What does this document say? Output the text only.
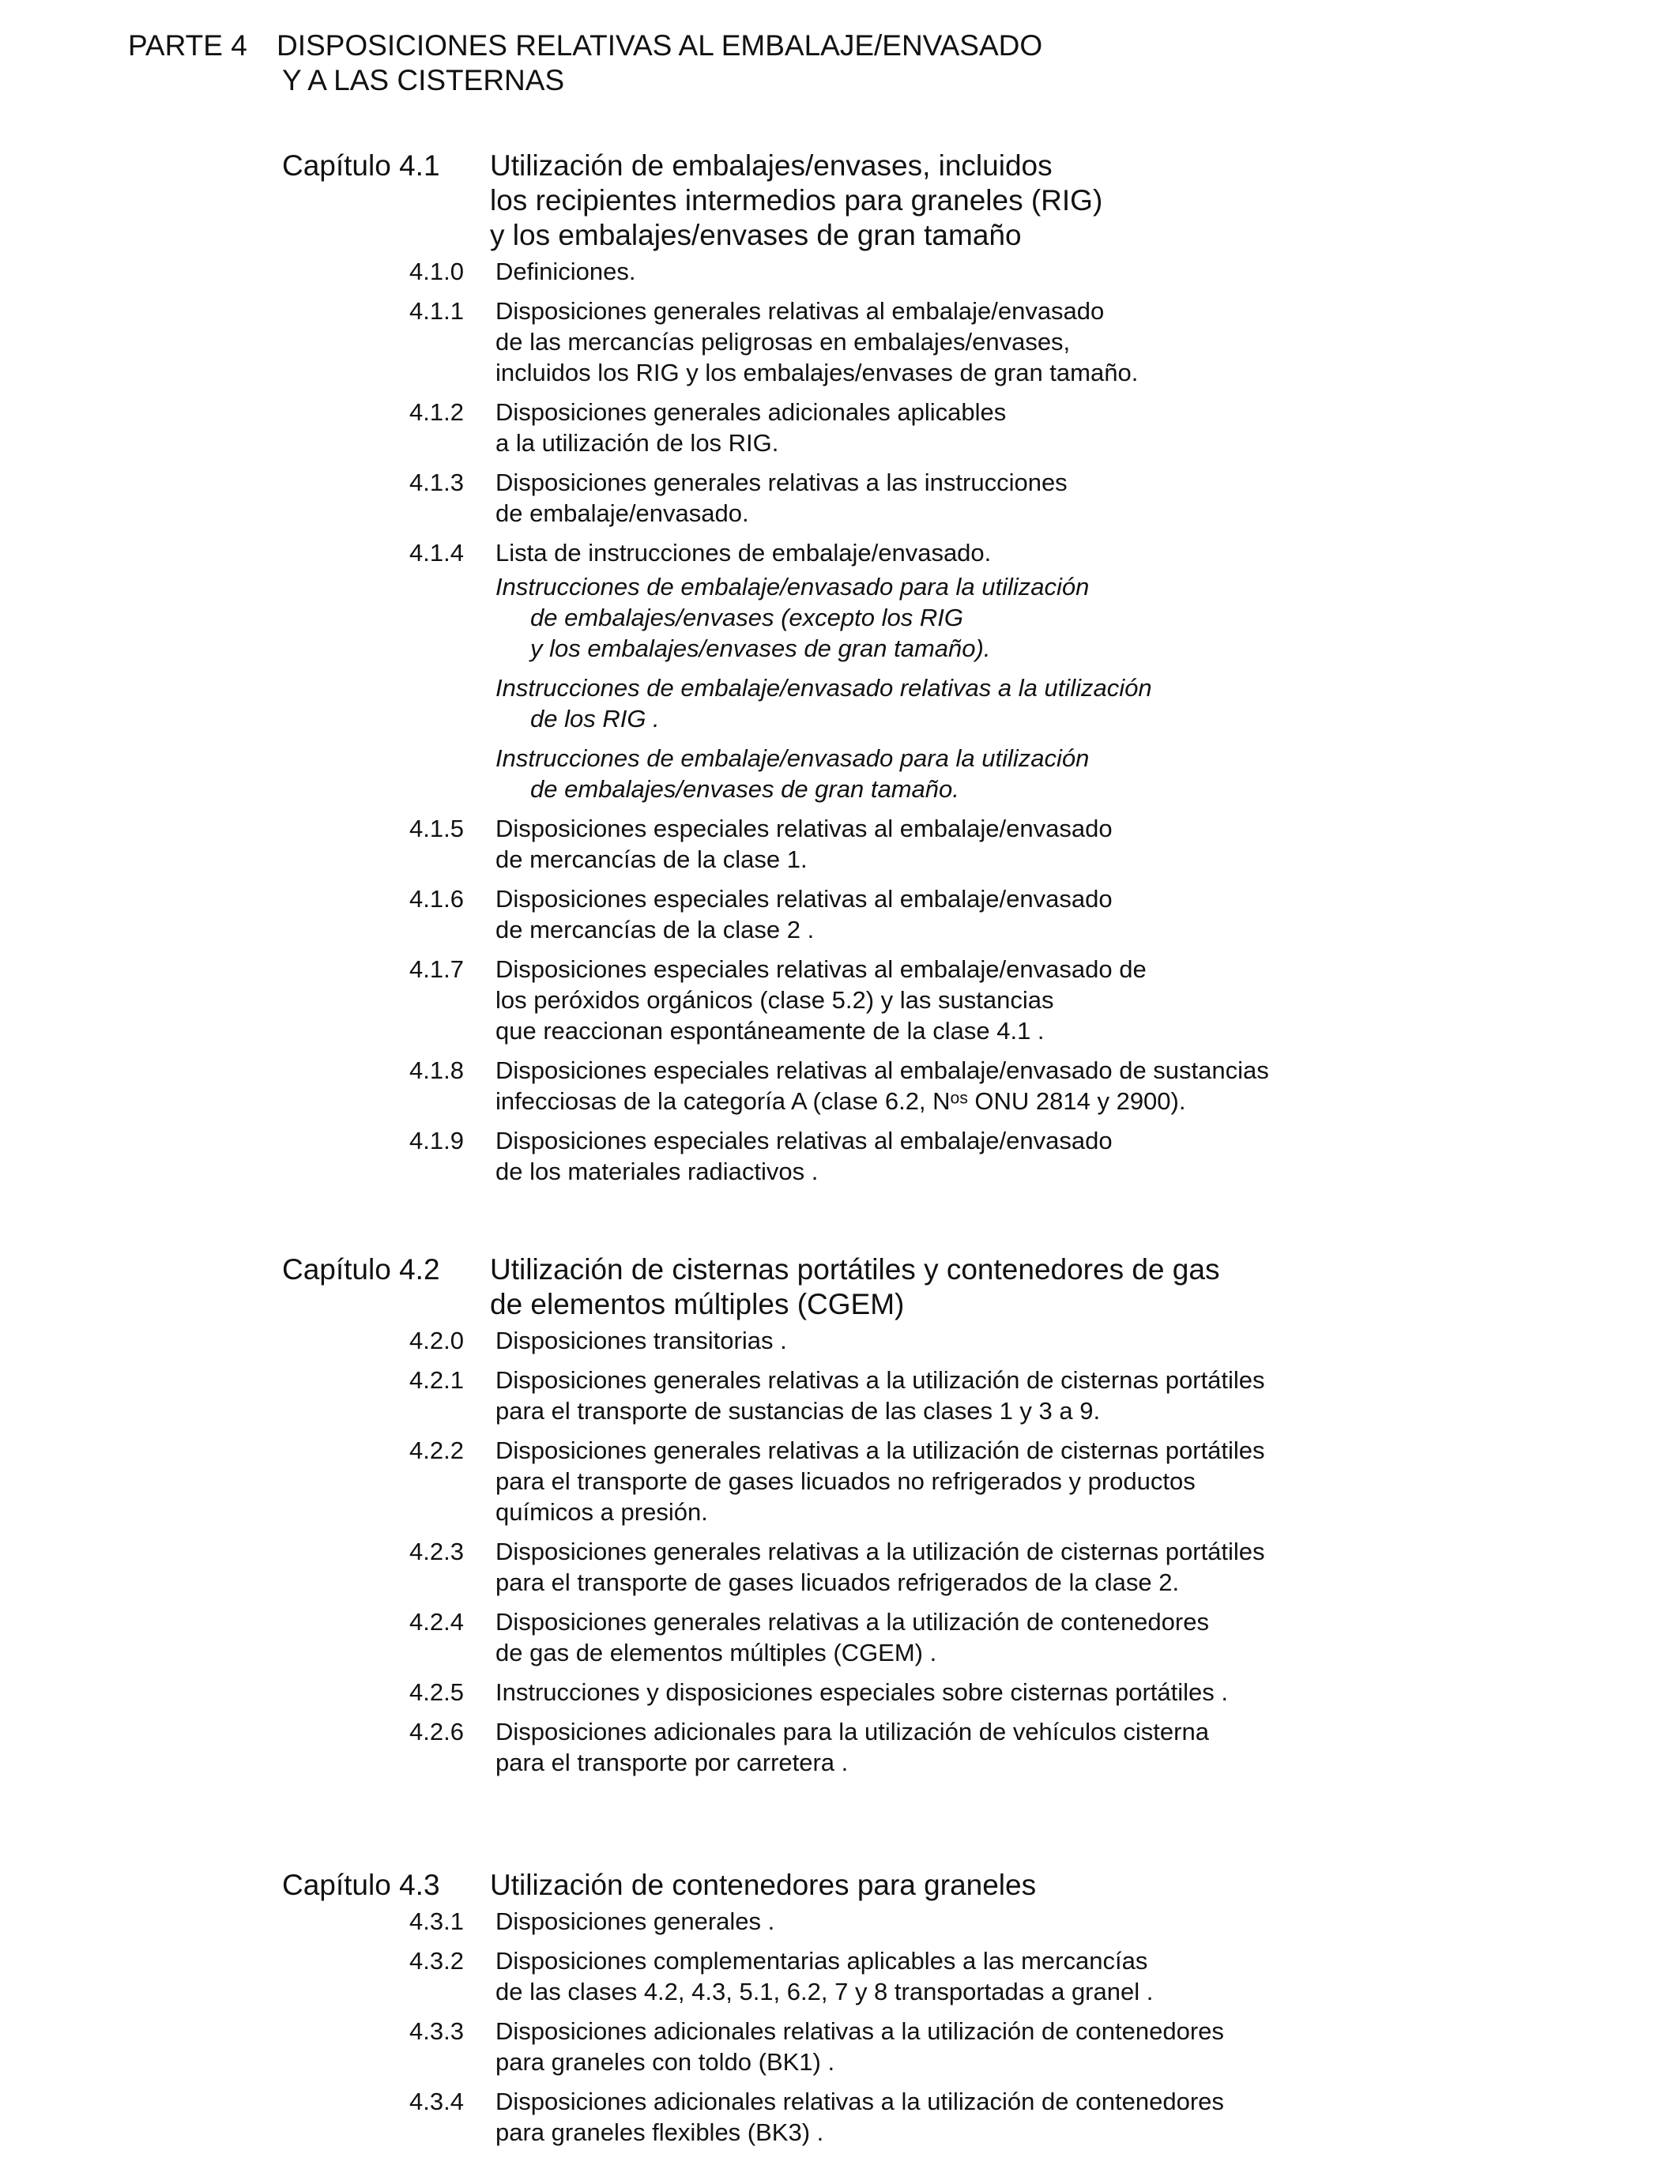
PARTE 4 DISPOSICIONES RELATIVAS AL EMBALAJE/ENVASADO
Y A LAS CISTERNAS
Capítulo 4.1	Utilización de embalajes/envases, incluidos
los recipientes intermedios para graneles (RIG)
y los embalajes/envases de gran tamaño
4.1.0 Definiciones.
4.1.1 Disposiciones generales relativas al embalaje/envasado
de las mercancías peligrosas en embalajes/envases,
incluidos los RIG y los embalajes/envases de gran tamaño.
4.1.2 Disposiciones generales adicionales aplicables
a la utilización de los RIG.
4.1.3 Disposiciones generales relativas a las instrucciones
de embalaje/envasado.
4.1.4 Lista de instrucciones de embalaje/envasado.
Instrucciones de embalaje/envasado para la utilización
de embalajes/envases (excepto los RIG
y los embalajes/envases de gran tamaño).
Instrucciones de embalaje/envasado relativas a la utilización
de los RIG .
Instrucciones de embalaje/envasado para la utilización
de embalajes/envases de gran tamaño.
4.1.5 Disposiciones especiales relativas al embalaje/envasado
de mercancías de la clase 1.
4.1.6 Disposiciones especiales relativas al embalaje/envasado
de mercancías de la clase 2 .
4.1.7 Disposiciones especiales relativas al embalaje/envasado de
los peróxidos orgánicos (clase 5.2) y las sustancias
que reaccionan espontáneamente de la clase 4.1 .
4.1.8 Disposiciones especiales relativas al embalaje/envasado de sustancias
infecciosas de la categoría A (clase 6.2, Nᵒˢ ONU 2814 y 2900).
4.1.9 Disposiciones especiales relativas al embalaje/envasado
de los materiales radiactivos .
Capítulo 4.2	Utilización de cisternas portátiles y contenedores de gas
de elementos múltiples (CGEM)
4.2.0 Disposiciones transitorias .
4.2.1 Disposiciones generales relativas a la utilización de cisternas portátiles
para el transporte de sustancias de las clases 1 y 3 a 9.
4.2.2 Disposiciones generales relativas a la utilización de cisternas portátiles
para el transporte de gases licuados no refrigerados y productos
químicos a presión.
4.2.3 Disposiciones generales relativas a la utilización de cisternas portátiles
para el transporte de gases licuados refrigerados de la clase 2.
4.2.4 Disposiciones generales relativas a la utilización de contenedores
de gas de elementos múltiples (CGEM) .
4.2.5 Instrucciones y disposiciones especiales sobre cisternas portátiles .
4.2.6 Disposiciones adicionales para la utilización de vehículos cisterna
para el transporte por carretera .
Capítulo 4.3	Utilización de contenedores para graneles
4.3.1 Disposiciones generales .
4.3.2 Disposiciones complementarias aplicables a las mercancías
de las clases 4.2, 4.3, 5.1, 6.2, 7 y 8 transportadas a granel .
4.3.3 Disposiciones adicionales relativas a la utilización de contenedores
para graneles con toldo (BK1) .
4.3.4 Disposiciones adicionales relativas a la utilización de contenedores
para graneles flexibles (BK3) .
